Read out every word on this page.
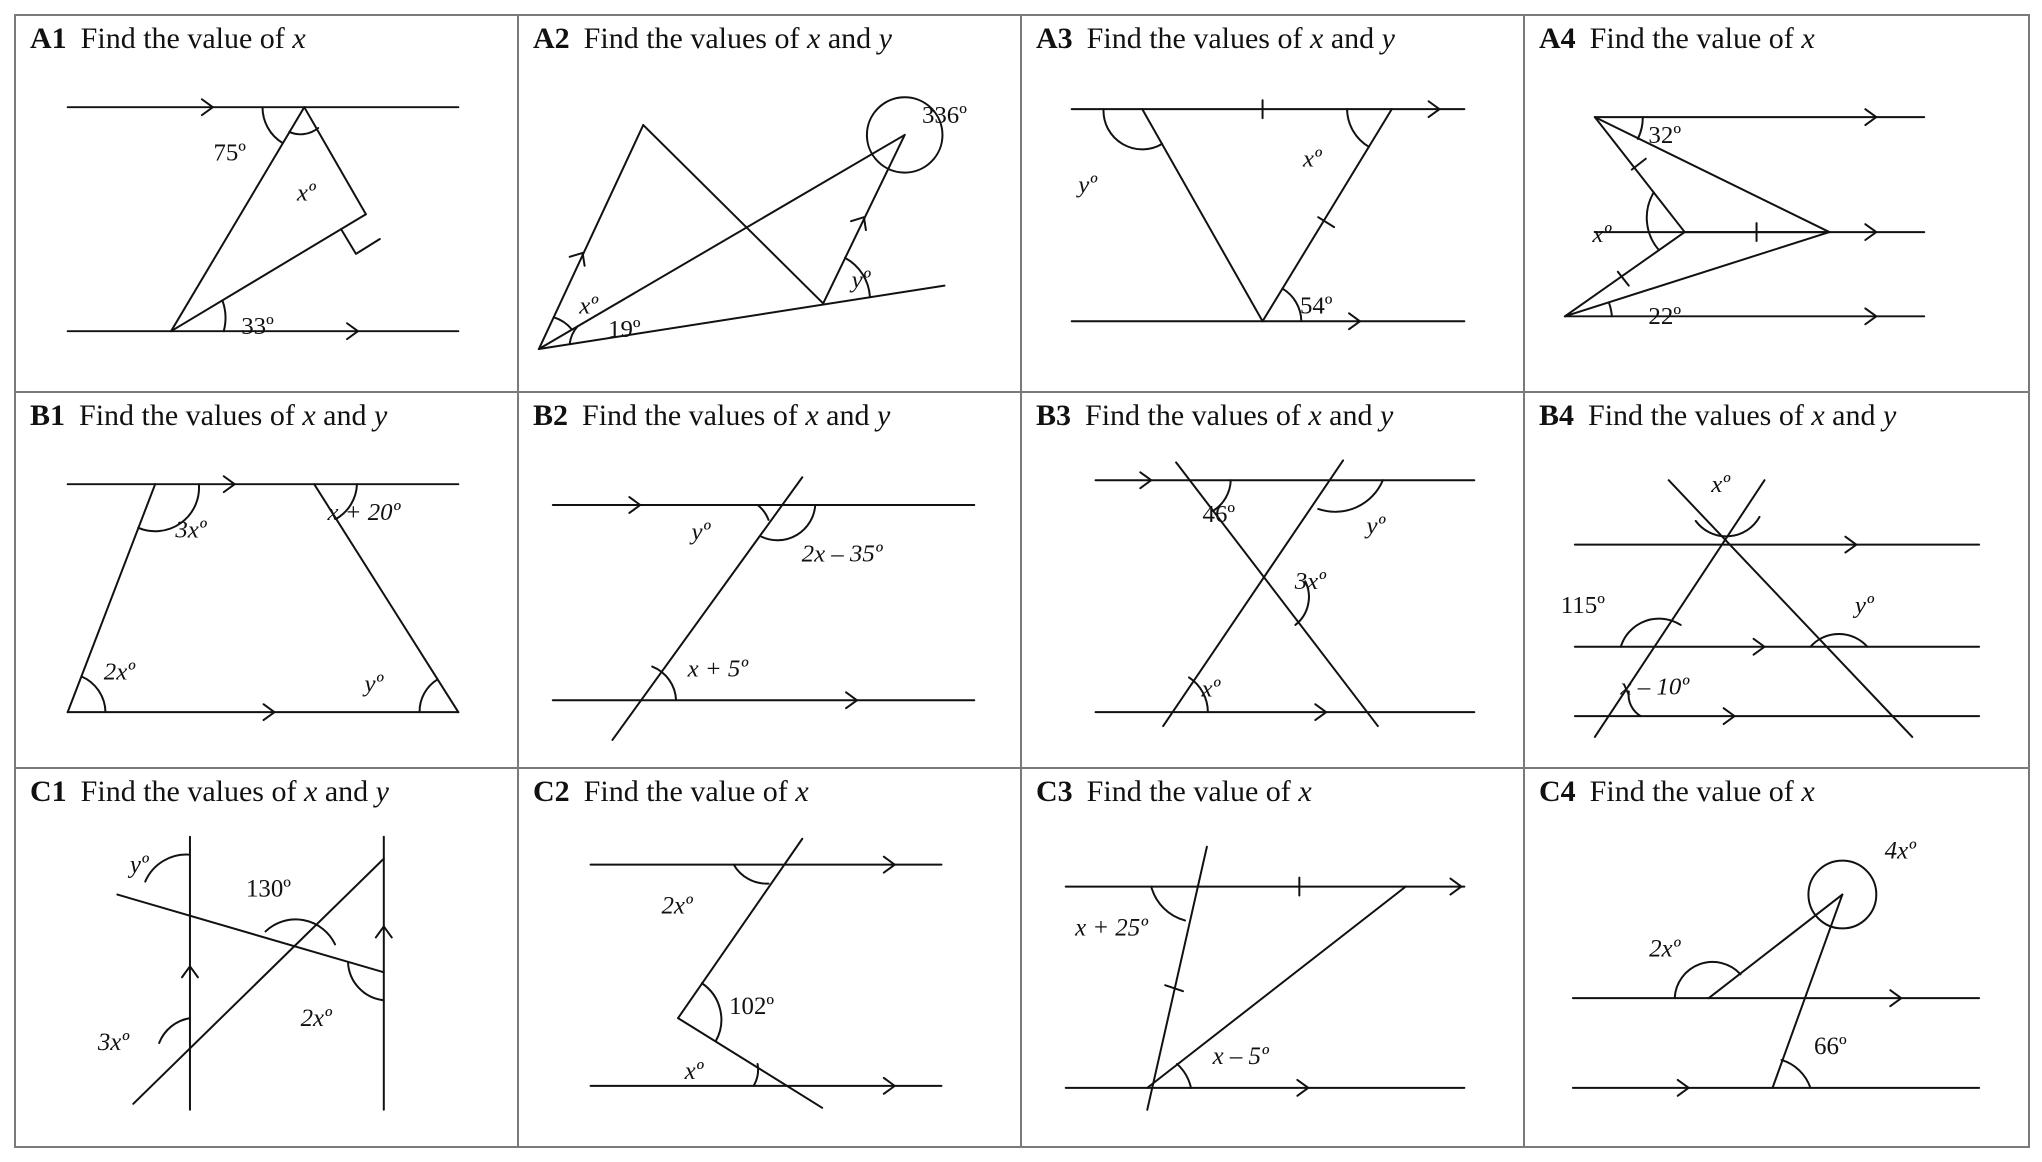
A1 Find the value of x
75º
xº
33º
A2 Find the values of x and y
336º
xº
19º
yº
A3 Find the values of x and y
yº
xº
54º
A4 Find the value of x
32º
xº
22º
B1 Find the values of x and y
3xº
x + 20º
2xº	yº
B2 Find the values of x and y
yº
2x – 35º
x + 5º
B3 Find the values of x and y
46º	yº
3xº
xº
B4 Find the values of x and y
xº
115º	yº
x – 10º
C1 Find the values of x and y
yº
130º
3xº
2xº
C2 Find the value of x
2xº
102º
xº
C3 Find the value of x
x + 25º
x – 5º
C4 Find the value of x
4xº
2xº
66º
